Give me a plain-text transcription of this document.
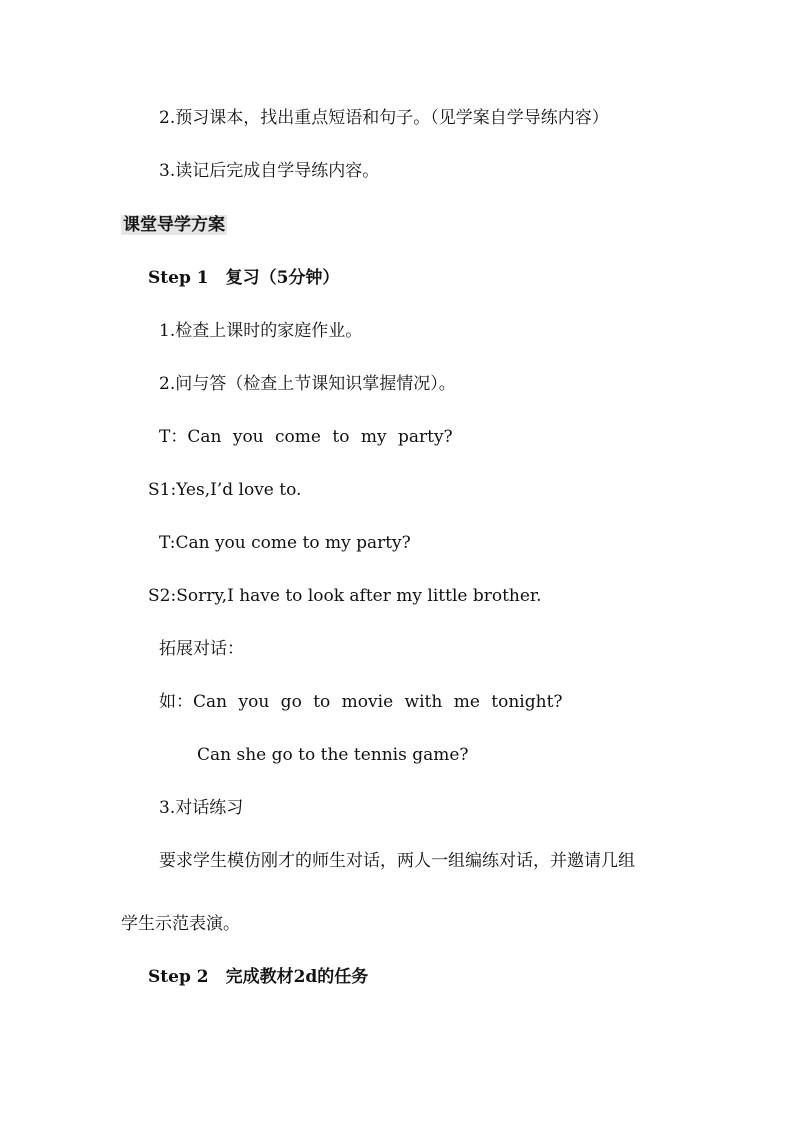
2.预习课本，找出重点短语和句子。（见学案自学导练内容）
3.读记后完成自学导练内容。
课堂导学方案
Step 1　复习（5分钟）
1.检查上课时的家庭作业。
2.问与答（检查上节课知识掌握情况）。
T：Can you come to my party?
S1:Yes,I’d love to.
T:Can you come to my party?
S2:Sorry,I have to look after my little brother.
拓展对话：
如：Can you go to movie with me tonight?
Can she go to the tennis game?
3.对话练习
要求学生模仿刚才的师生对话，两人一组编练对话，并邀请几组
学生示范表演。
Step 2　完成教材2d的任务
